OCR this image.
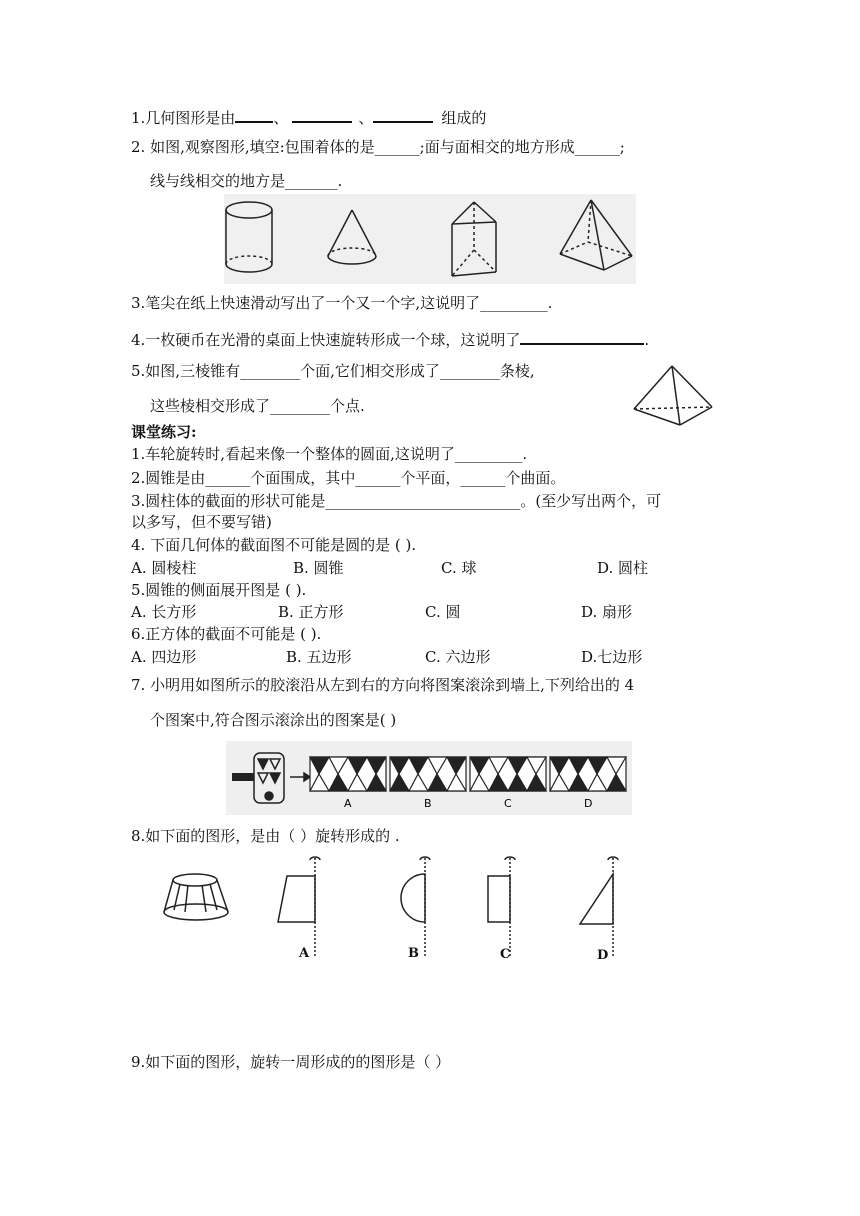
1.几何图形是由	、	、	组成的
2. 如图,观察图形,填空:包围着体的是______;面与面相交的地方形成______;
线与线相交的地方是_______.
3.笔尖在纸上快速滑动写出了一个又一个字,这说明了_________.
4.一枚硬币在光滑的桌面上快速旋转形成一个球，这说明了	.
5.如图,三棱锥有________个面,它们相交形成了________条棱,
这些棱相交形成了________个点.
课堂练习:
1.车轮旋转时,看起来像一个整体的圆面,这说明了_________.
2.圆锥是由______个面围成，其中______个平面，______个曲面。
3.圆柱体的截面的形状可能是__________________________。(至少写出两个，可
以多写，但不要写错)
4. 下面几何体的截面图不可能是圆的是 ( ).
A. 圆棱柱	B. 圆锥	C. 球	D. 圆柱
5.圆锥的侧面展开图是 ( ).
A. 长方形	B. 正方形	C. 圆	D. 扇形
6.正方体的截面不可能是 ( ).
A. 四边形	B. 五边形	C. 六边形	D.七边形
7. 小明用如图所示的胶滚沿从左到右的方向将图案滚涂到墙上,下列给出的 4
个图案中,符合图示滚涂出的图案是( )
A	B	C	D
8.如下面的图形，是由（ ）旋转形成的 .
A	B	C	D
9.如下面的图形，旋转一周形成的的图形是（ ）
